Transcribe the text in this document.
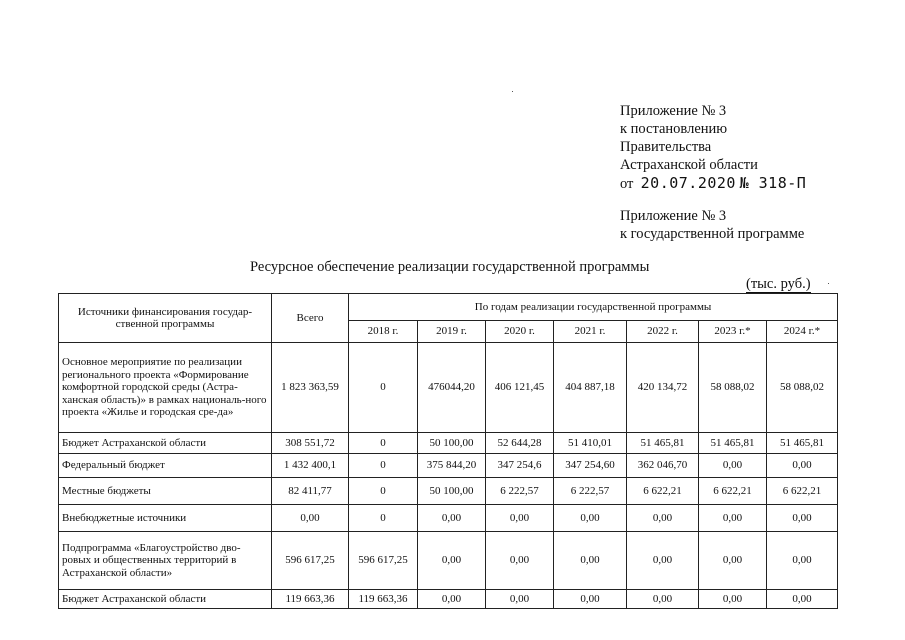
Приложение № 3
к постановлению
Правительства
Астраханской области
от 20.07.2020 № 318-П
Приложение № 3
к государственной программе
Ресурсное обеспечение реализации государственной программы
(тыс. руб.)
Источники финансирования государ-ственной программы	Всего	По годам реализации государственной программы						
		2018 г.	2019 г.	2020 г.	2021 г.	2022 г.	2023 г.*	2024 г.*
Основное мероприятие по реализации регионального проекта «Формирование комфортной городской среды (Астра-ханская область)» в рамках националь-ного проекта «Жилье и городская сре-да»	1 823 363,59	0	476044,20	406 121,45	404 887,18	420 134,72	58 088,02	58 088,02
Бюджет Астраханской области	308 551,72	0	50 100,00	52 644,28	51 410,01	51 465,81	51 465,81	51 465,81
Федеральный бюджет	1 432 400,1	0	375 844,20	347 254,6	347 254,60	362 046,70	0,00	0,00
Местные бюджеты	82 411,77	0	50 100,00	6 222,57	6 222,57	6 622,21	6 622,21	6 622,21
Внебюджетные источники	0,00	0	0,00	0,00	0,00	0,00	0,00	0,00
Подпрограмма «Благоустройство дво-ровых и общественных территорий в Астраханской области»	596 617,25	596 617,25	0,00	0,00	0,00	0,00	0,00	0,00
Бюджет Астраханской области	119 663,36	119 663,36	0,00	0,00	0,00	0,00	0,00	0,00
